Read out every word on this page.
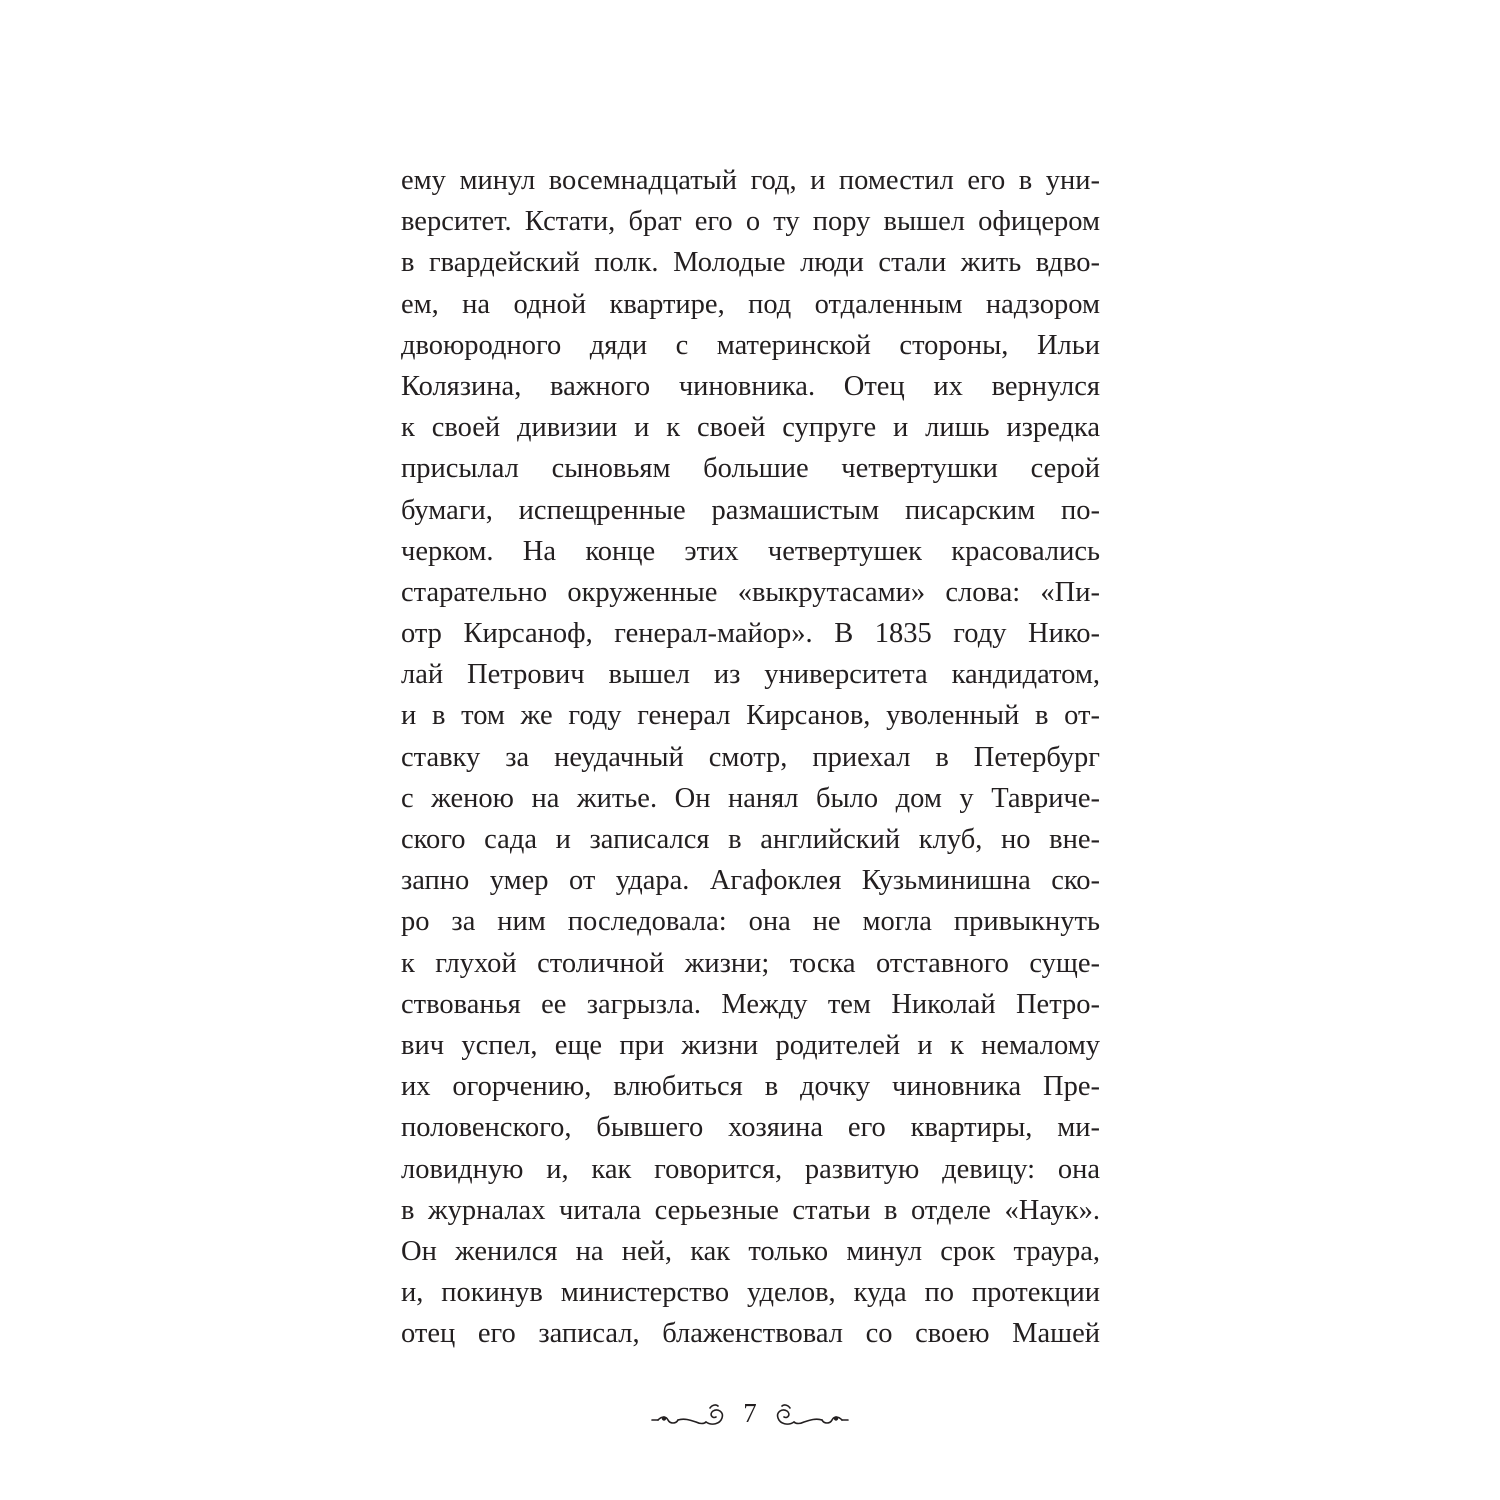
ему минул восемнадцатый год, и поместил его в уни-
верситет. Кстати, брат его о ту пору вышел офицером
в гвардейский полк. Молодые люди стали жить вдво-
ем, на одной квартире, под отдаленным надзором
двоюродного дяди с материнской стороны, Ильи
Колязина, важного чиновника. Отец их вернулся
к своей дивизии и к своей супруге и лишь изредка
присылал сыновьям большие четвертушки серой
бумаги, испещренные размашистым писарским по-
черком. На конце этих четвертушек красовались
старательно окруженные «выкрутасами» слова: «Пи-
отр Кирсаноф, генерал-майор». В 1835 году Нико-
лай Петрович вышел из университета кандидатом,
и в том же году генерал Кирсанов, уволенный в от-
ставку за неудачный смотр, приехал в Петербург
с женою на житье. Он нанял было дом у Тавриче-
ского сада и записался в английский клуб, но вне-
запно умер от удара. Агафоклея Кузьминишна ско-
ро за ним последовала: она не могла привыкнуть
к глухой столичной жизни; тоска отставного суще-
ствованья ее загрызла. Между тем Николай Петро-
вич успел, еще при жизни родителей и к немалому
их огорчению, влюбиться в дочку чиновника Пре-
половенского, бывшего хозяина его квартиры, ми-
ловидную и, как говорится, развитую девицу: она
в журналах читала серьезные статьи в отделе «Наук».
Он женился на ней, как только минул срок траура,
и, покинув министерство уделов, куда по протекции
отец его записал, блаженствовал со своею Машей
7
